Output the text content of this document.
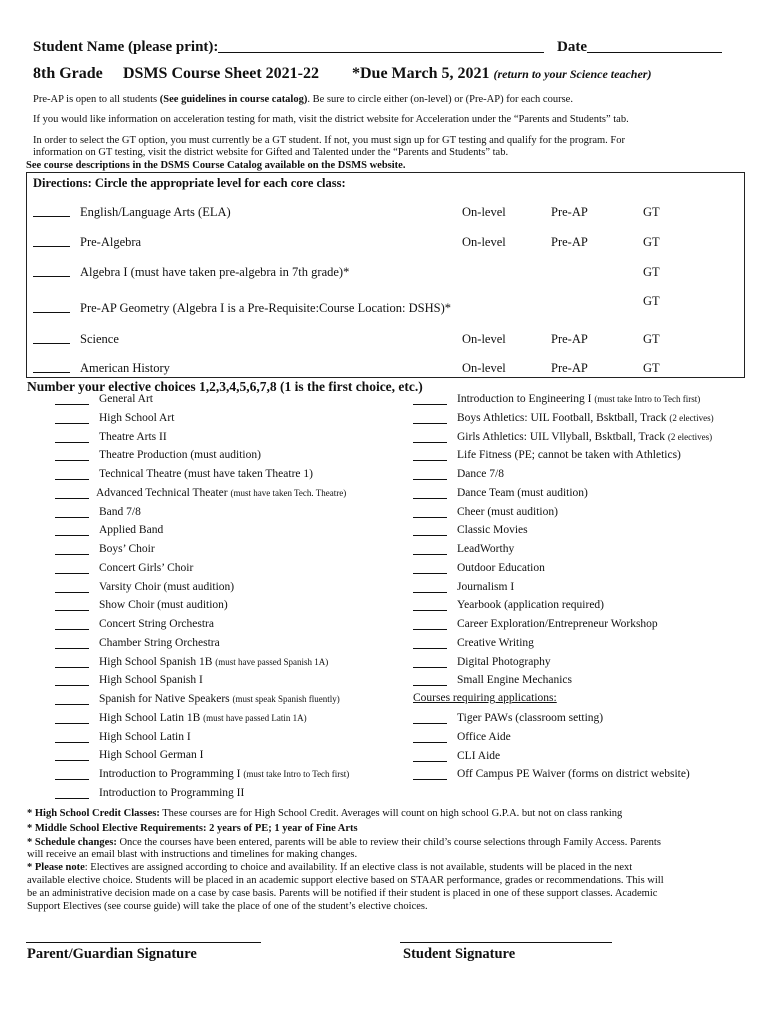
Student Name (please print):	Date
8th Grade DSMS Course Sheet 2021-22 *Due March 5, 2021 (return to your Science teacher)
Pre-AP is open to all students (See guidelines in course catalog). Be sure to circle either (on-level) or (Pre-AP) for each course.
If you would like information on acceleration testing for math, visit the district website for Acceleration under the “Parents and Students” tab.
In order to select the GT option, you must currently be a GT student. If not, you must sign up for GT testing and qualify for the program. For
information on GT testing, visit the district website for Gifted and Talented under the “Parents and Students” tab.
See course descriptions in the DSMS Course Catalog available on the DSMS website.
Directions: Circle the appropriate level for each core class:
English/Language Arts (ELA)	On-level	Pre-AP	GT
Pre-Algebra	On-level	Pre-AP	GT
Algebra I (must have taken pre-algebra in 7th grade)*	GT
Pre-AP Geometry (Algebra I is a Pre-Requisite:Course Location: DSHS)*	GT
Science	On-level	Pre-AP	GT
American History	On-level	Pre-AP	GT
Number your elective choices 1,2,3,4,5,6,7,8 (1 is the first choice, etc.)
General Art
High School Art
Theatre Arts II
Theatre Production (must audition)
Technical Theatre (must have taken Theatre 1)
Advanced Technical Theater (must have taken Tech. Theatre)
Band 7/8
Applied Band
Boys’ Choir
Concert Girls’ Choir
Varsity Choir (must audition)
Show Choir (must audition)
Concert String Orchestra
Chamber String Orchestra
High School Spanish 1B (must have passed Spanish 1A)
High School Spanish I
Spanish for Native Speakers (must speak Spanish fluently)
High School Latin 1B (must have passed Latin 1A)
High School Latin I
High School German I
Introduction to Programming I (must take Intro to Tech first)
Introduction to Programming II
Introduction to Engineering I (must take Intro to Tech first)
Boys Athletics: UIL Football, Bsktball, Track (2 electives)
Girls Athletics: UIL Vllyball, Bsktball, Track (2 electives)
Life Fitness (PE; cannot be taken with Athletics)
Dance 7/8
Dance Team (must audition)
Cheer (must audition)
Classic Movies
LeadWorthy
Outdoor Education
Journalism I
Yearbook (application required)
Career Exploration/Entrepreneur Workshop
Creative Writing
Digital Photography
Small Engine Mechanics
Courses requiring applications:
Tiger PAWs (classroom setting)
Office Aide
CLI Aide
Off Campus PE Waiver (forms on district website)
* High School Credit Classes: These courses are for High School Credit. Averages will count on high school G.P.A. but not on class ranking
* Middle School Elective Requirements: 2 years of PE; 1 year of Fine Arts
* Schedule changes: Once the courses have been entered, parents will be able to review their child’s course selections through Family Access. Parents
will receive an email blast with instructions and timelines for making changes.
* Please note: Electives are assigned according to choice and availability. If an elective class is not available, students will be placed in the next
available elective choice. Students will be placed in an academic support elective based on STAAR performance, grades or recommendations. This will
be an administrative decision made on a case by case basis. Parents will be notified if their student is placed in one of these support classes. Academic
Support Electives (see course guide) will take the place of one of the student’s elective choices.
Parent/Guardian Signature	Student Signature
